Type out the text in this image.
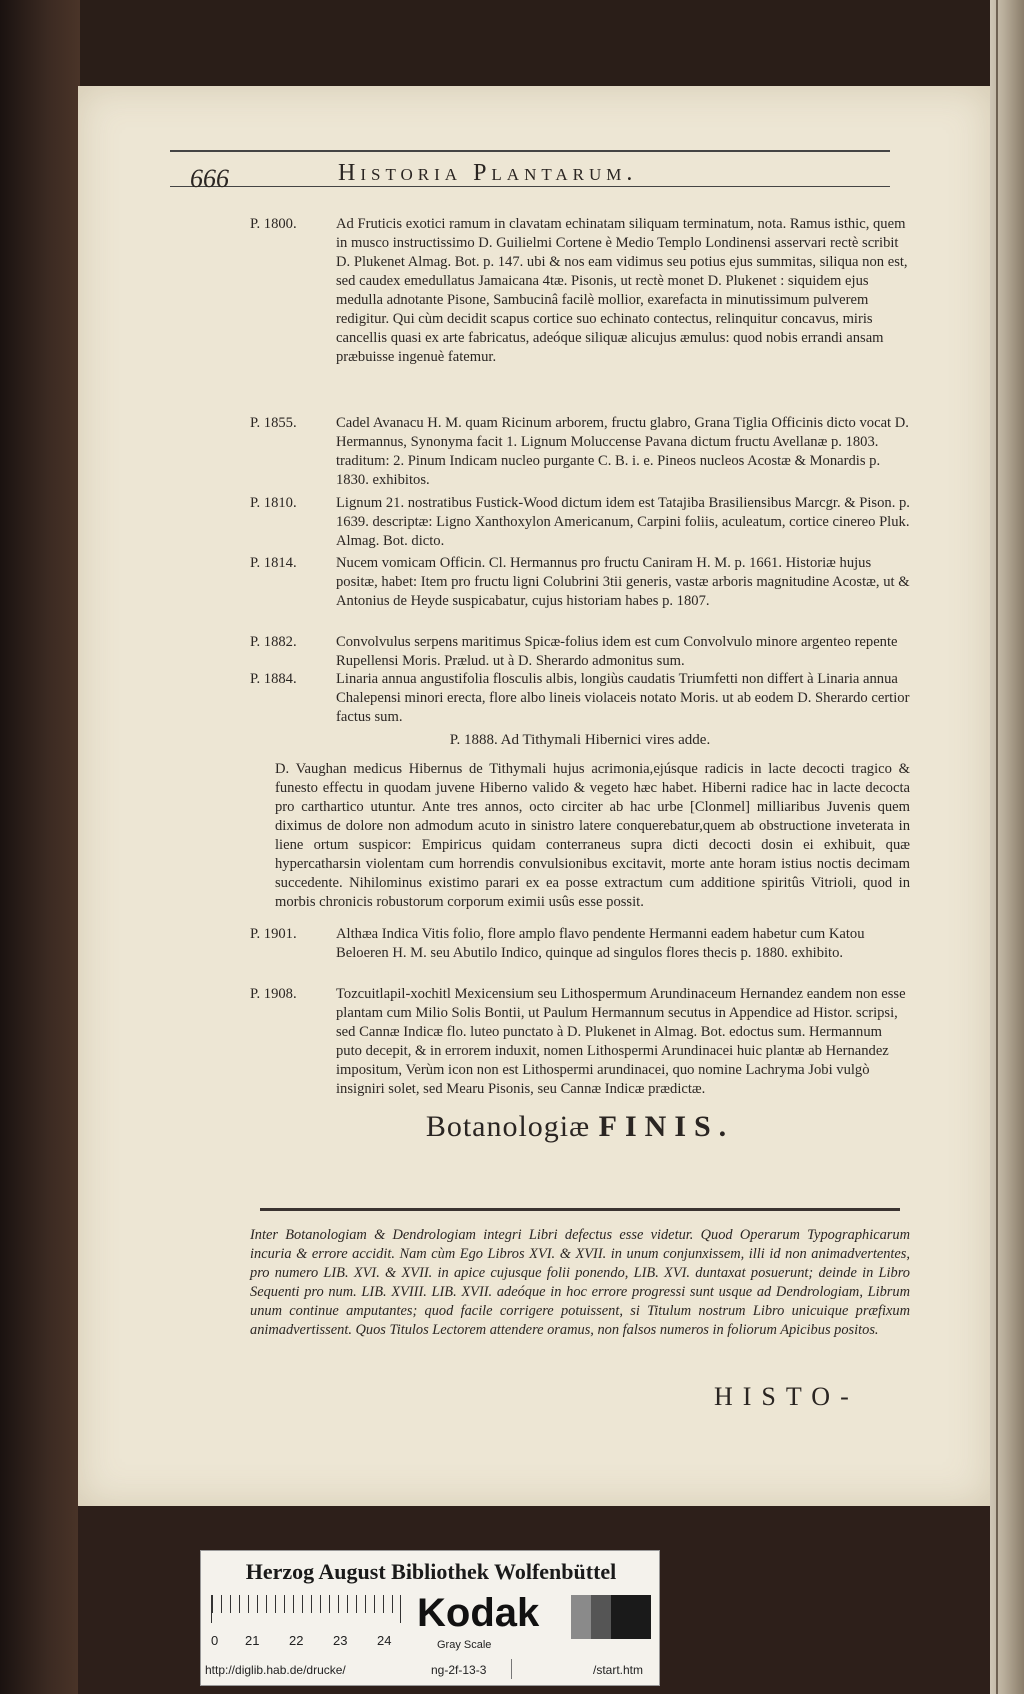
666	Historia Plantarum.
P. 1800.	Ad Fruticis exotici ramum in clavatam echinatam siliquam terminatum, nota. Ramus isthic, quem in musco instructissimo D. Guilielmi Cortene è Medio Templo Londinensi asservari rectè scribit D. Plukenet Almag. Bot. p. 147. ubi & nos eam vidimus seu potius ejus summitas, siliqua non est, sed caudex emedullatus Jamaicana 4tæ. Pisonis, ut rectè monet D. Plukenet : siquidem ejus medulla adnotante Pisone, Sambucinâ facilè mollior, exarefacta in minutissimum pulverem redigitur. Qui cùm decidit scapus cortice suo echinato contectus, relinquitur concavus, miris cancellis quasi ex arte fabricatus, adeóque siliquæ alicujus æmulus: quod nobis errandi ansam præbuisse ingenuè fatemur.
P. 1855.	Cadel Avanacu H. M. quam Ricinum arborem, fructu glabro, Grana Tiglia Officinis dicto vocat D. Hermannus, Synonyma facit 1. Lignum Moluccense Pavana dictum fructu Avellanæ p. 1803. traditum: 2. Pinum Indicam nucleo purgante C. B. i. e. Pineos nucleos Acostæ & Monardis p. 1830. exhibitos.
P. 1810.	Lignum 21. nostratibus Fustick-Wood dictum idem est Tatajiba Brasiliensibus Marcgr. & Pison. p. 1639. descriptæ: Ligno Xanthoxylon Americanum, Carpini foliis, aculeatum, cortice cinereo Pluk. Almag. Bot. dicto.
P. 1814.	Nucem vomicam Officin. Cl. Hermannus pro fructu Caniram H. M. p. 1661. Historiæ hujus positæ, habet: Item pro fructu ligni Colubrini 3tii generis, vastæ arboris magnitudine Acostæ, ut & Antonius de Heyde suspicabatur, cujus historiam habes p. 1807.
P. 1882.	Convolvulus serpens maritimus Spicæ-folius idem est cum Convolvulo minore argenteo repente Rupellensi Moris. Prælud. ut à D. Sherardo admonitus sum.
P. 1884.	Linaria annua angustifolia flosculis albis, longiùs caudatis Triumfetti non differt à Linaria annua Chalepensi minori erecta, flore albo lineis violaceis notato Moris. ut ab eodem D. Sherardo certior factus sum.
P. 1888. Ad Tithymali Hibernici vires adde.
D. Vaughan medicus Hibernus de Tithymali hujus acrimonia,ejúsque radicis in lacte decocti tragico & funesto effectu in quodam juvene Hiberno valido & vegeto hæc habet. Hiberni radice hac in lacte decocta pro carthartico utuntur. Ante tres annos, octo circiter ab hac urbe [Clonmel] milliaribus Juvenis quem diximus de dolore non admodum acuto in sinistro latere conquerebatur,quem ab obstructione inveterata in liene ortum suspicor: Empiricus quidam conterraneus supra dicti decocti dosin ei exhibuit, quæ hypercatharsin violentam cum horrendis convulsionibus excitavit, morte ante horam istius noctis decimam succedente. Nihilominus existimo parari ex ea posse extractum cum additione spiritûs Vitrioli, quod in morbis chronicis robustorum corporum eximii usûs esse possit.
P. 1901.	Althæa Indica Vitis folio, flore amplo flavo pendente Hermanni eadem habetur cum Katou Beloeren H. M. seu Abutilo Indico, quinque ad singulos flores thecis p. 1880. exhibito.
P. 1908.	Tozcuitlapil-xochitl Mexicensium seu Lithospermum Arundinaceum Hernandez eandem non esse plantam cum Milio Solis Bontii, ut Paulum Hermannum secutus in Appendice ad Histor. scripsi, sed Cannæ Indicæ flo. luteo punctato à D. Plukenet in Almag. Bot. edoctus sum. Hermannum puto decepit, & in errorem induxit, nomen Lithospermi Arundinacei huic plantæ ab Hernandez impositum, Verùm icon non est Lithospermi arundinacei, quo nomine Lachryma Jobi vulgò insigniri solet, sed Mearu Pisonis, seu Cannæ Indicæ prædictæ.
Botanologiæ FINIS.
Inter Botanologiam & Dendrologiam integri Libri defectus esse videtur. Quod Operarum Typographicarum incuria & errore accidit. Nam cùm Ego Libros XVI. & XVII. in unum conjunxissem, illi id non animadvertentes, pro numero LIB. XVI. & XVII. in apice cujusque folii ponendo, LIB. XVI. duntaxat posuerunt; deinde in Libro Sequenti pro num. LIB. XVIII. LIB. XVII. adeóque in hoc errore progressi sunt usque ad Dendrologiam, Librum unum continue amputantes; quod facile corrigere potuissent, si Titulum nostrum Libro unicuique præfixum animadvertissent. Quos Titulos Lectorem attendere oramus, non falsos numeros in foliorum Apicibus positos.
HISTO-
Herzog August Bibliothek Wolfenbüttel
0 21 22 23 24
Kodak
Gray Scale
http://diglib.hab.de/drucke/	ng-2f-13-3	/start.htm
